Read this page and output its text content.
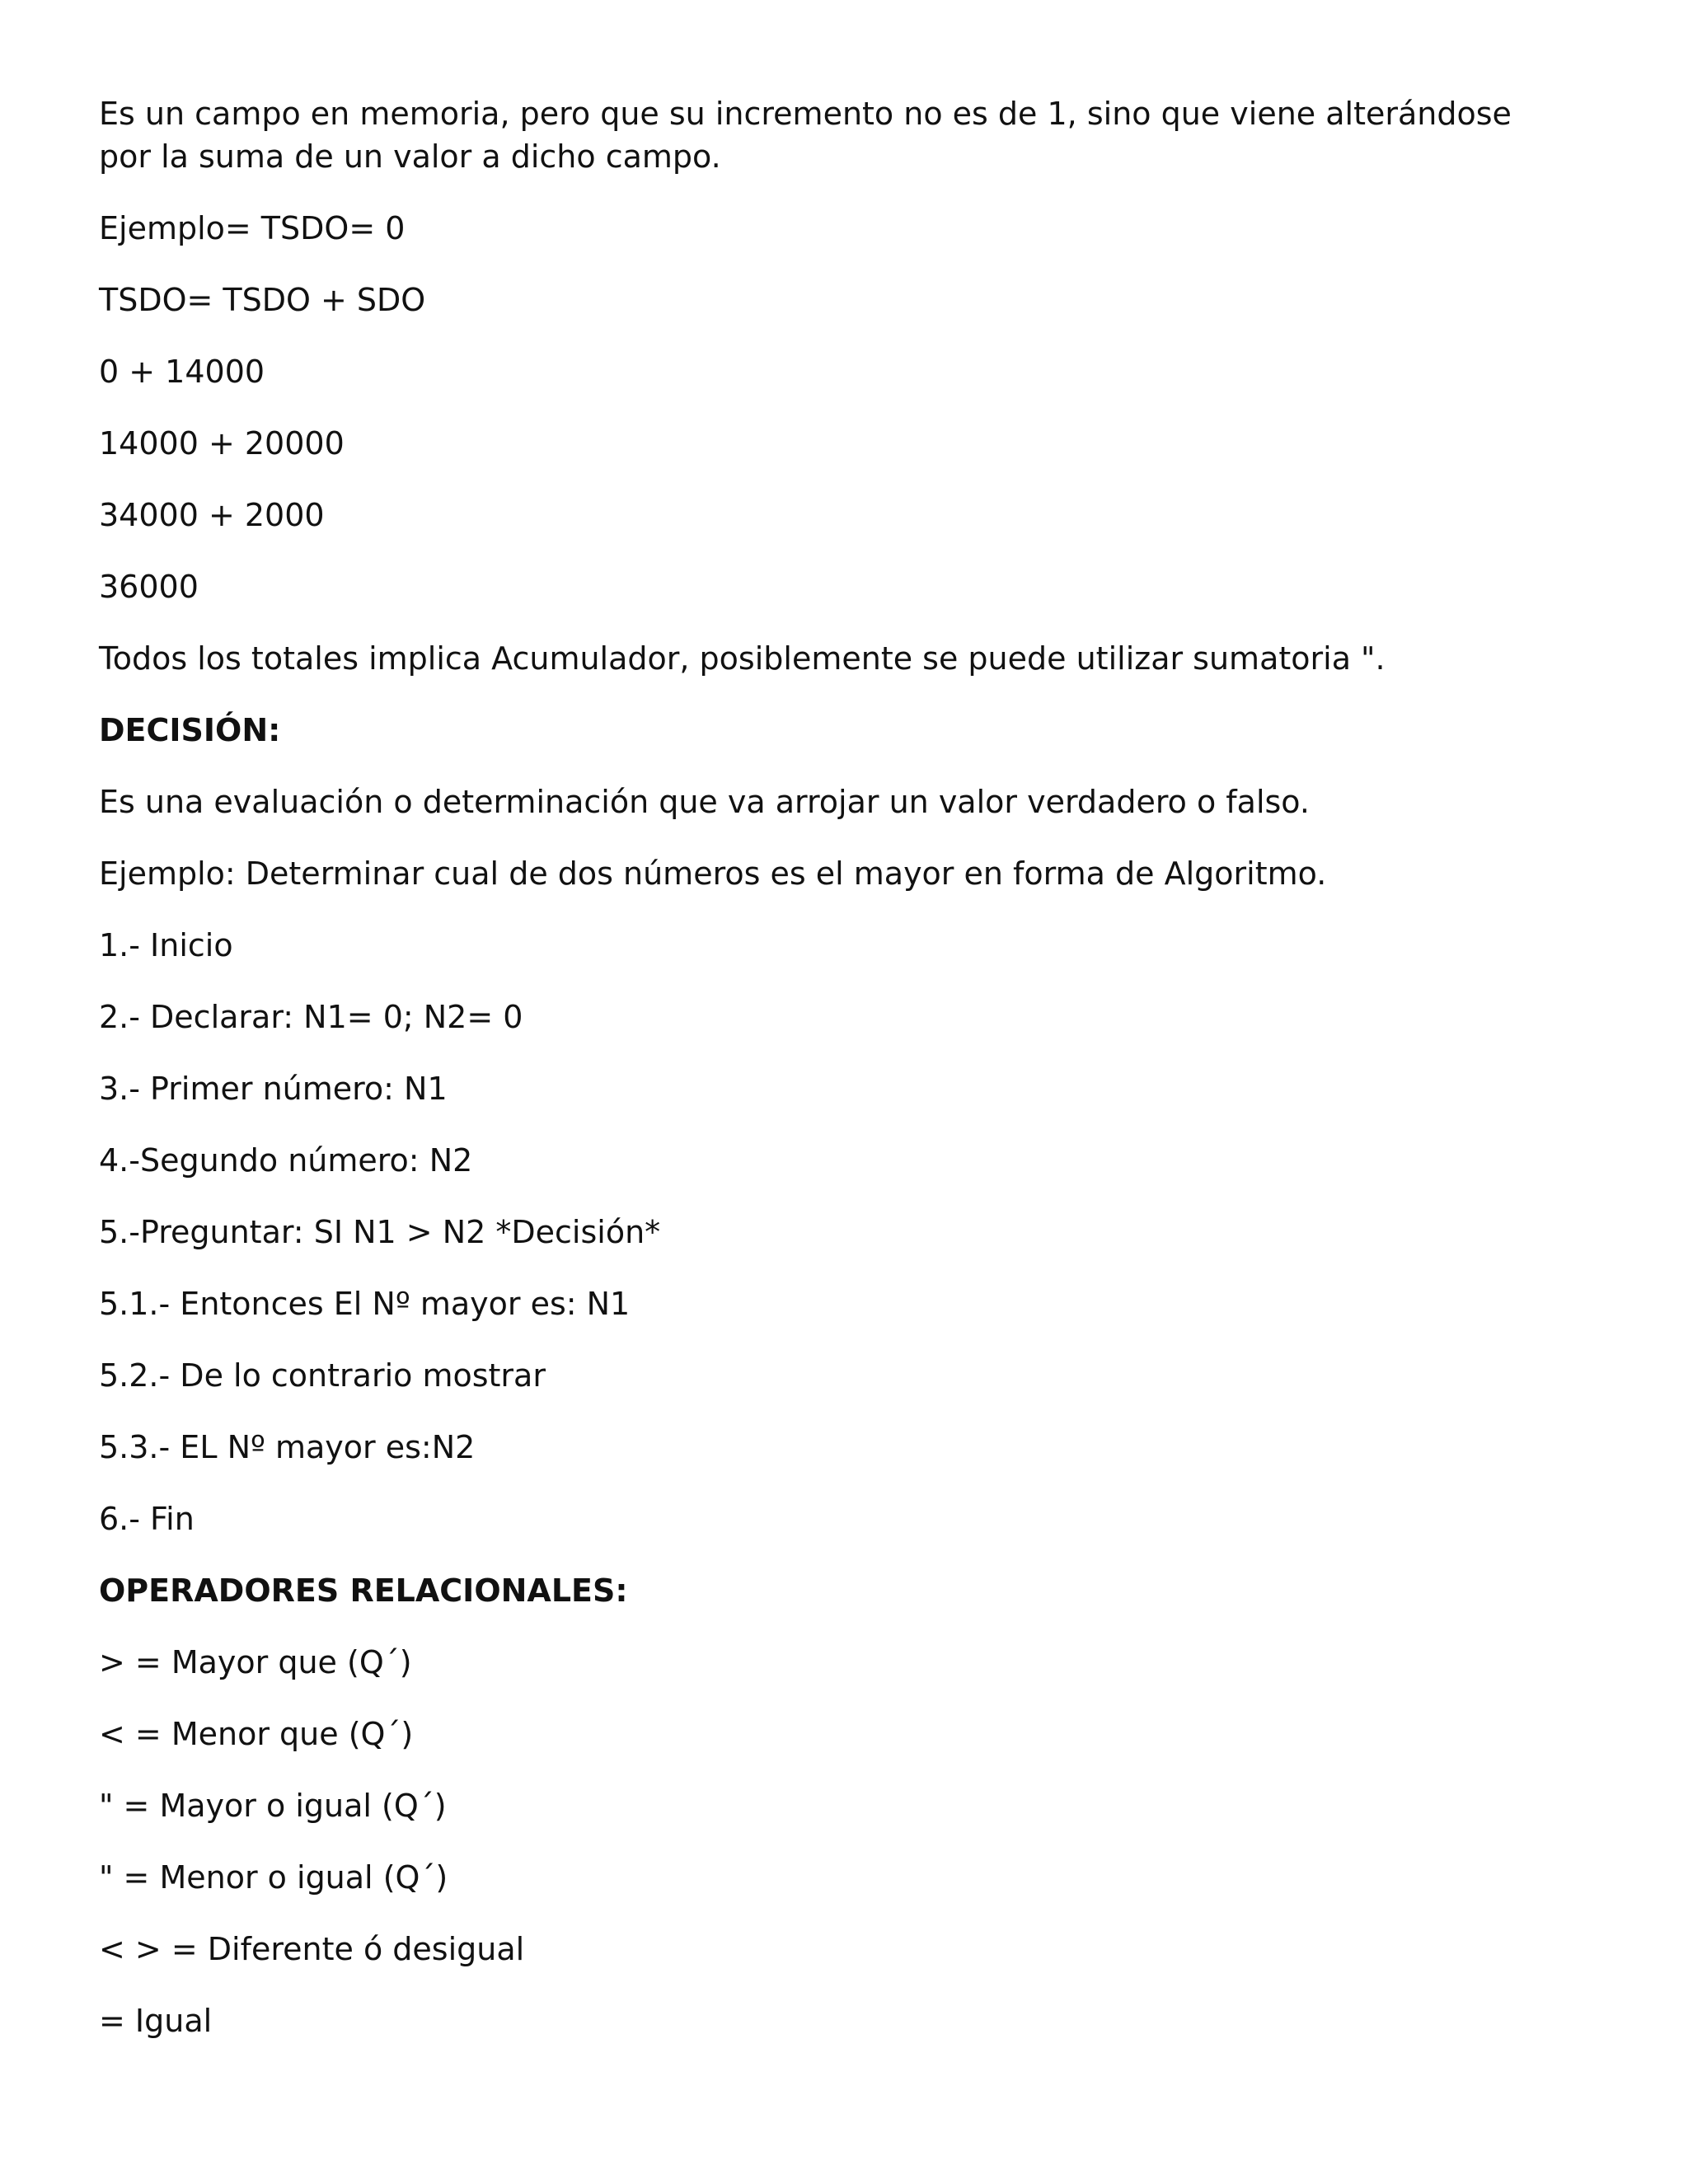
Es un campo en memoria, pero que su incremento no es de 1, sino que viene alterándose por la suma de un valor a dicho campo.

Ejemplo= TSDO= 0

TSDO= TSDO + SDO

0 + 14000

14000 + 20000

34000 + 2000

36000

Todos los totales implica Acumulador, posiblemente se puede utilizar sumatoria ".

DECISIÓN:

Es una evaluación o determinación que va arrojar un valor verdadero o falso.

Ejemplo: Determinar cual de dos números es el mayor en forma de Algoritmo.

1.- Inicio

2.- Declarar: N1= 0; N2= 0

3.- Primer número: N1

4.-Segundo número: N2

5.-Preguntar: SI N1 > N2 *Decisión*

5.1.- Entonces El Nº mayor es: N1

5.2.- De lo contrario mostrar

5.3.- EL Nº mayor es:N2

6.- Fin

OPERADORES RELACIONALES:

> = Mayor que (Q´)

< = Menor que (Q´)

" = Mayor o igual (Q´)

" = Menor o igual (Q´)

< > = Diferente ó desigual

= Igual
